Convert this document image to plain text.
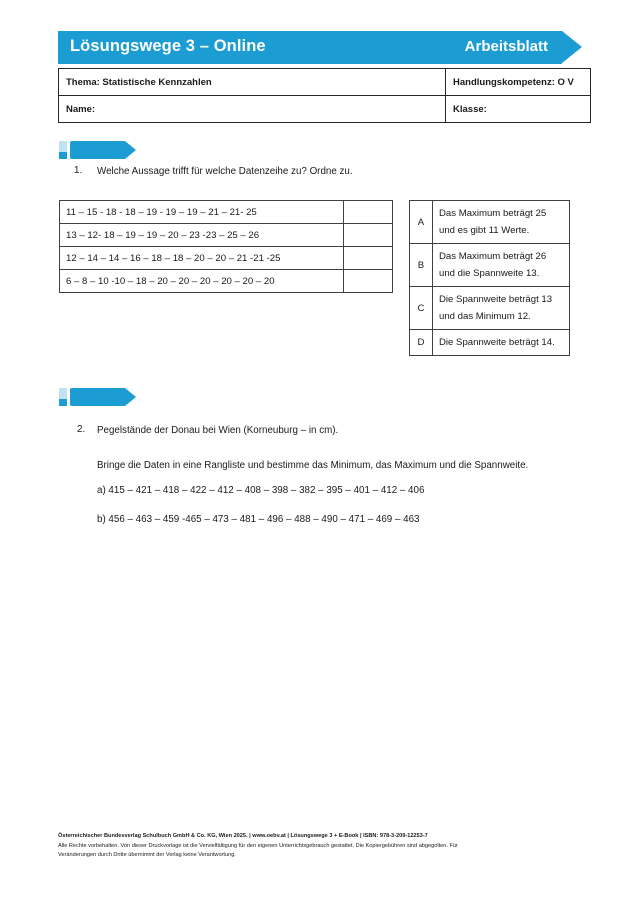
Lösungswege 3 – Online	Arbeitsblatt
Thema: Statistische Kennzahlen	Handlungskompetenz: O V
Name:	Klasse:
1. Welche Aussage trifft für welche Datenzeihe zu? Ordne zu.
11 – 15 - 18 - 18 – 19 - 19 – 19 – 21 – 21- 25	
13 – 12- 18 – 19 – 19 – 20 – 23 -23 – 25 – 26	
12 – 14 – 14 – 16 – 18 – 18 – 20 – 20 – 21 -21 -25	
6 – 8 – 10 -10 – 18 – 20 – 20 – 20 – 20 – 20 – 20	
A	Das Maximum beträgt 25
und es gibt 11 Werte.
B	Das Maximum beträgt 26
und die Spannweite 13.
C	Die Spannweite beträgt 13
und das Minimum 12.
D	Die Spannweite beträgt 14.
2. Pegelstände der Donau bei Wien (Korneuburg – in cm).
Bringe die Daten in eine Rangliste und bestimme das Minimum, das Maximum und die Spannweite.
a) 415 – 421 – 418 – 422 – 412 – 408 – 398 – 382 – 395 – 401 – 412 – 406
b) 456 – 463 – 459 -465 – 473 – 481 – 496 – 488 – 490 – 471 – 469 – 463
Österreichischer Bundesverlag Schulbuch GmbH & Co. KG, Wien 2025. | www.oebv.at | Lösungswege 3 + E-Book | ISBN: 978-3-209-12253-7
Alle Rechte vorbehalten. Von dieser Druckvorlage ist die Vervielfältigung für den eigenen Unterrichtsgebrauch gestattet. Die Kopiergebühren sind abgegolten. Für
Veränderungen durch Dritte übernimmt der Verlag keine Verantwortung.
